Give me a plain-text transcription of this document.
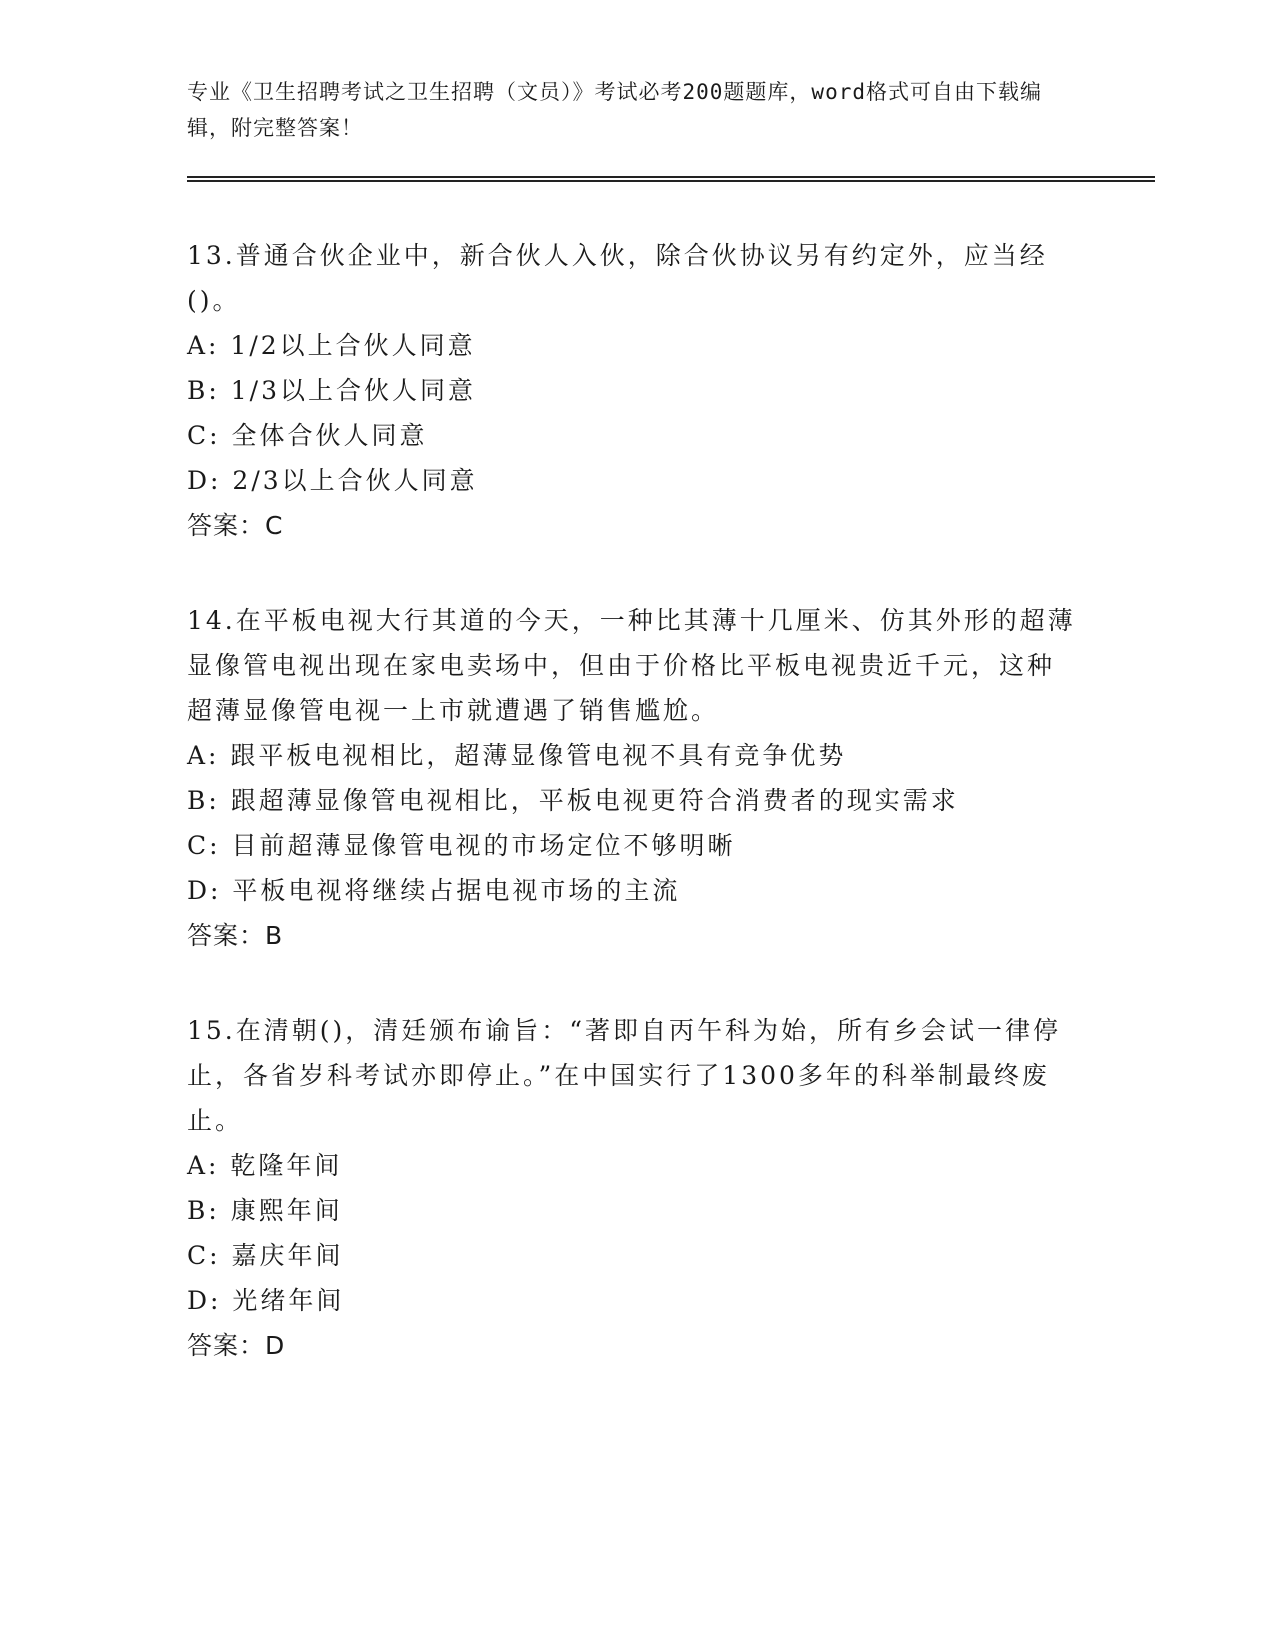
专业《卫生招聘考试之卫生招聘（文员）》考试必考200题题库，word格式可自由下载编辑，附完整答案！

13.普通合伙企业中，新合伙人入伙，除合伙协议另有约定外，应当经()。

A: 1/2以上合伙人同意

B: 1/3以上合伙人同意

C: 全体合伙人同意

D: 2/3以上合伙人同意

答案：C

14.在平板电视大行其道的今天，一种比其薄十几厘米、仿其外形的超薄显像管电视出现在家电卖场中，但由于价格比平板电视贵近千元，这种超薄显像管电视一上市就遭遇了销售尴尬。

A: 跟平板电视相比，超薄显像管电视不具有竞争优势

B: 跟超薄显像管电视相比，平板电视更符合消费者的现实需求

C: 目前超薄显像管电视的市场定位不够明晰

D: 平板电视将继续占据电视市场的主流

答案：B

15.在清朝()，清廷颁布谕旨：“著即自丙午科为始，所有乡会试一律停止，各省岁科考试亦即停止。”在中国实行了1300多年的科举制最终废止。

A: 乾隆年间

B: 康熙年间

C: 嘉庆年间

D: 光绪年间

答案：D
